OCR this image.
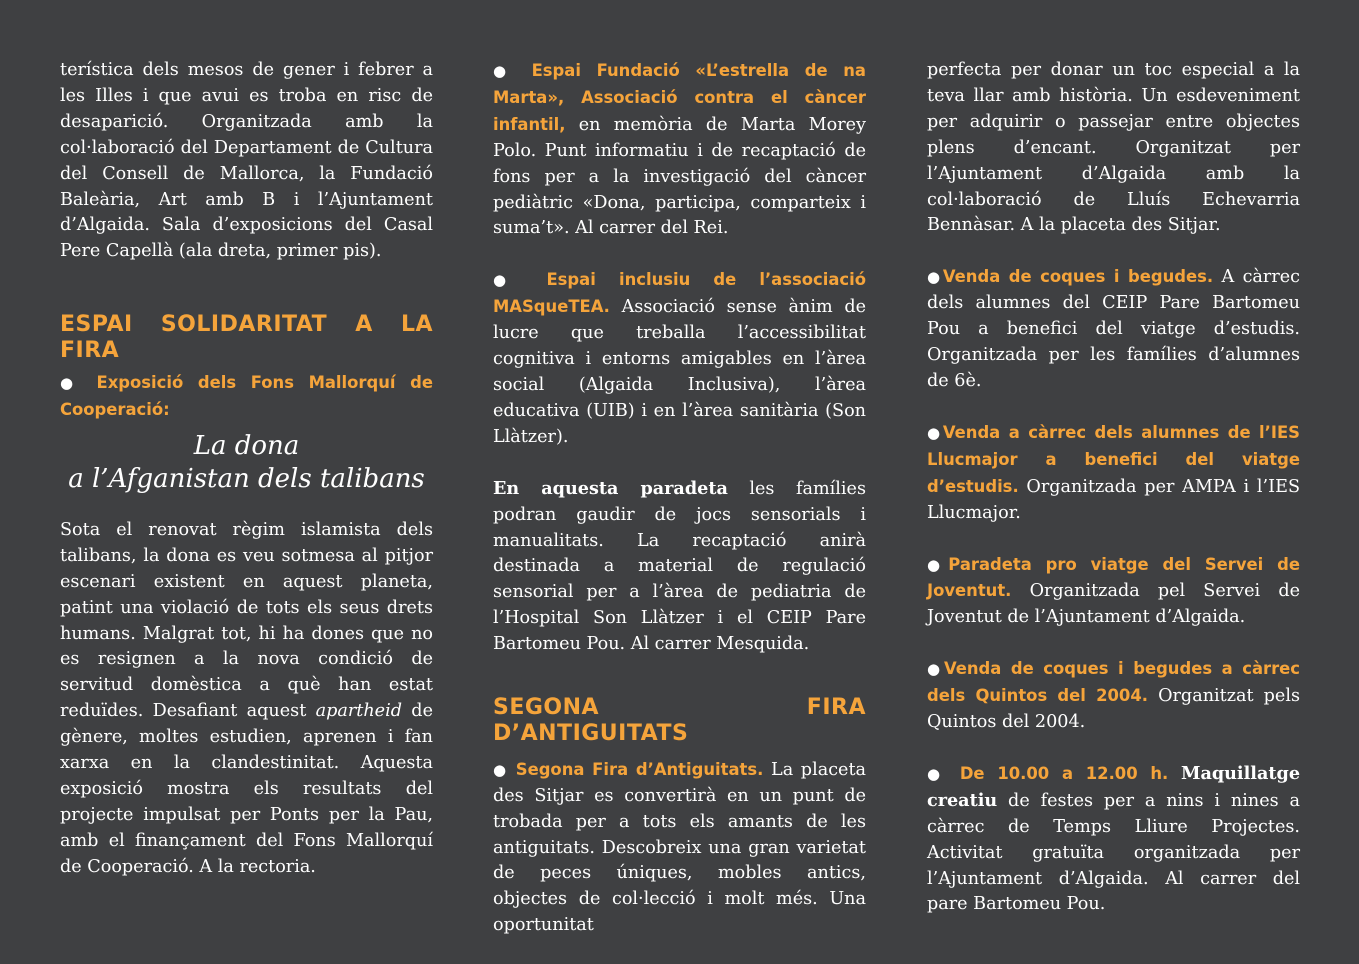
terística dels mesos de gener i febrer a les Illes i que avui es troba en risc de desaparició. Organitzada amb la col·laboració del Departament de Cultura del Consell de Mallorca, la Fundació Baleària, Art amb B i l’Ajuntament d’Algaida. Sala d’exposicions del Casal Pere Capellà (ala dreta, primer pis).

ESPAI SOLIDARITAT A LA FIRA

● Exposició dels Fons Mallorquí de Cooperació:

La dona
a l’Afganistan dels talibans

Sota el renovat règim islamista dels talibans, la dona es veu sotmesa al pitjor escenari existent en aquest planeta, patint una violació de tots els seus drets humans. Malgrat tot, hi ha dones que no es resignen a la nova condició de servitud domèstica a què han estat reduïdes. Desafiant aquest apartheid de gènere, moltes estudien, aprenen i fan xarxa en la clandestinitat. Aquesta exposició mostra els resultats del projecte impulsat per Ponts per la Pau, amb el finançament del Fons Mallorquí de Cooperació. A la rectoria.

● Espai Fundació «L’estrella de na Marta», Associació contra el càncer infantil, en memòria de Marta Morey Polo. Punt informatiu i de recaptació de fons per a la investigació del càncer pediàtric «Dona, participa, comparteix i suma’t». Al carrer del Rei.

● Espai inclusiu de l’associació MASqueTEA. Associació sense ànim de lucre que treballa l’accessibilitat cognitiva i entorns amigables en l’àrea social (Algaida Inclusiva), l’àrea educativa (UIB) i en l’àrea sanitària (Son Llàtzer).

En aquesta paradeta les famílies podran gaudir de jocs sensorials i manualitats. La recaptació anirà destinada a material de regulació sensorial per a l’àrea de pediatria de l’Hospital Son Llàtzer i el CEIP Pare Bartomeu Pou. Al carrer Mesquida.

SEGONA FIRA D’ANTIGUITATS

● Segona Fira d’Antiguitats. La placeta des Sitjar es convertirà en un punt de trobada per a tots els amants de les antiguitats. Descobreix una gran varietat de peces úniques, mobles antics, objectes de col·lecció i molt més. Una oportunitat

perfecta per donar un toc especial a la teva llar amb història. Un esdeveniment per adquirir o passejar entre objectes plens d’encant. Organitzat per l’Ajuntament d’Algaida amb la col·laboració de Lluís Echevarria Bennàsar. A la placeta des Sitjar.

●Venda de coques i begudes. A càrrec dels alumnes del CEIP Pare Bartomeu Pou a benefici del viatge d’estudis. Organitzada per les famílies d’alumnes de 6è.

●Venda a càrrec dels alumnes de l’IES Llucmajor a benefici del viatge d’estudis. Organitzada per AMPA i l’IES Llucmajor.

●Paradeta pro viatge del Servei de Joventut. Organitzada pel Servei de Joventut de l’Ajuntament d’Algaida.

●Venda de coques i begudes a càrrec dels Quintos del 2004. Organitzat pels Quintos del 2004.

● De 10.00 a 12.00 h. Maquillatge creatiu de festes per a nins i nines a càrrec de Temps Lliure Projectes. Activitat gratuïta organitzada per l’Ajuntament d’Algaida. Al carrer del pare Bartomeu Pou.
